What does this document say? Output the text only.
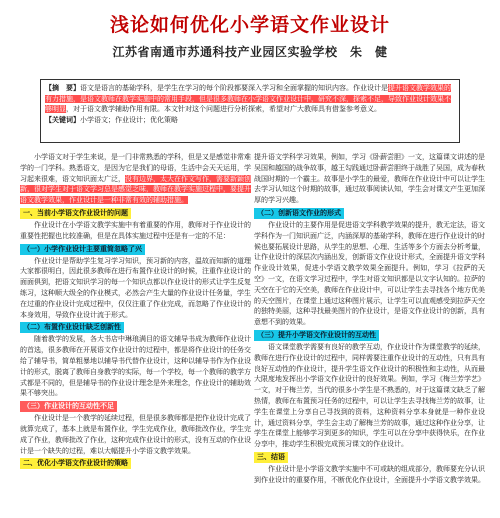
浅论如何优化小学语文作业设计
江苏省南通市苏通科技产业园区实验学校　朱　健
【摘　要】语文是语言的基础学科，是学生在学习的每个阶段都要深入学习和全面掌握的知识内容。作业设计是提升语文教学效果的有力措施，是语文教师在教学实施中的常用手段，但是很多教师在小学语文作业设计中，研究不深，探索不足，导致作业设计效果不够明显，对于语文教学辅助作用有限。本文针对这个问题进行分析探索，希望对广大教师具有借鉴参考意义。
【关键词】小学语文；作业设计；优化策略

小学语文对于学生来说，是一门非常熟悉的学科，但是又是感觉非常难学的一门学科。熟悉语文，是因为它是我们的母语，生活中会天天运用，学习起来很难，语文知识面太广泛，没有边界，太大在作文写作，需要新颖创新，很对学生对于语文学习总是感觉乏味，教师在教学实施过程中，要提升语文教学效果，作业设计是一种非常有效的辅助措施。

一、当前小学语文作业设计的问题

作业设计在小学语文教学实施中有着重要的作用，教师对于作业设计的重要性把握也比较准确，但是在具体实施过程中还是有一定的不足：

（一）小学作业设计主要重简忽略了兴

作业设计是帮助学生复习学习知识，预习新的内容，温故而知新的道理大家都很明白，因此很多教师在进行布置作业设计的时候，注重作业设计的面面俱到，把语文知识学习的每一个知识点都以作业设计的形式让学生反复练习，这种顺大级全的作业模式，必然会产生大量的作业设计任务量，学生在过重的作业设计完成过程中，仅仅注重了作业完成，而忽略了作业设计的本身效用，导致作业设计流于形式。

（二）布置作业设计缺乏创新性

随着教学的发展，各大书店中琳琅满目的语文辅导书成为教师作业设计的首选，很多教师在开展语文作业设计的过程中，都是将作业设计的任务交给了辅导书，简单粗暴地以辅导书代替作业设计，这种以辅导书作为作业设计的形式，脱离了教师自身教学的实际，每一个学校，每一个教师的教学方式都是不同的，但是辅导书的作业设计理念是外来理念，作业设计的辅助效果不够突出。

（三）作业设计的互动性不足

作业设计是一个教学的延续过程，但是很多教师都是把作业设计完成了就算完成了，基本上就是布置作业，学生完成作业，教师批改作业，学生完成了作业，教师批改了作业，这种完成作业设计的形式，没有互动的作业设计是一个缺失的过程，难以大幅提升小学语文教学效果。

二、优化小学语文作业设计的策略

提升语文学科学习效果，例如，学习《卧薪尝胆》一文，这篇课文讲述的是吴国和越国的战争故事，越王勾践通过卧薪尝胆终于战胜了吴国，成为春秋战国时期的一个霸主。故事是小学生的最爱，教师在作业设计中可以让学生去学习认知这个时期的故事，通过故事阅读认知，学生会对课文产生更加深厚的学习兴趣。

（二）创新语文作业的形式

作业设计的主要作用是促进语文学科教学效果的提升，教无定法，语文学科作为一门知识面广泛，内涵深厚的基础学科，教师在进行作业设计的时候也要拓展设计思路，从学生的思想、心理、生活等多个方面去分析考量，让作业设计的深层次内涵出发，创新语文作业设计形式，全面提升语文学科作业设计效果，促进小学语文教学效果全面提升。例如，学习《拉萨的天空》一文，在语文学习过程中，学生对语文知识都是以文字认知的。拉萨的天空在于它的天空美，教师在作业设计中，可以让学生去寻找各个地方优美的天空图片，在课堂上通过这种图片展示，让学生可以直观感受到拉萨天空的独特美丽，这种寻找最美图片的作业设计，是语文作业设计的创新，具有意想不到的效果。

（三）提升小学语文作业设计的互动性

语文课堂教学需要有良好的教学互动，作业设计作为课堂教学的延续，教师在进行作业设计的过程中，同样需要注重作业设计的互动性，只有具有良好互动性的作业设计，提升学生语文作业设计的积极性和主动性，从而最大限度地发挥出小学语文作业设计的良好效果。例如，学习《梅兰芳学艺》一文，对于梅兰芳，当代的很多小学生是不熟悉的，对于这篇课文缺乏了解热情，教师在布置预习任务的过程中，可以让学生去寻找梅兰芳的故事，让学生在课堂上分享自己寻找到的资料，这种资料分享本身就是一种作业设计，通过资料分享，学生会主动了解梅兰芳的故事，通过这种作业分享，让学生在课堂上能够学习到更多的知识，学生可以在分享中获得快乐，在作业分享中，推动学生积极完成预习课文的作业设计。

三、结语

作业设计是小学语文教学实施中不可或缺的组成部分，教师要充分认识到作业设计的重要作用，不断优化作业设计，全面提升小学语文教学效果。
